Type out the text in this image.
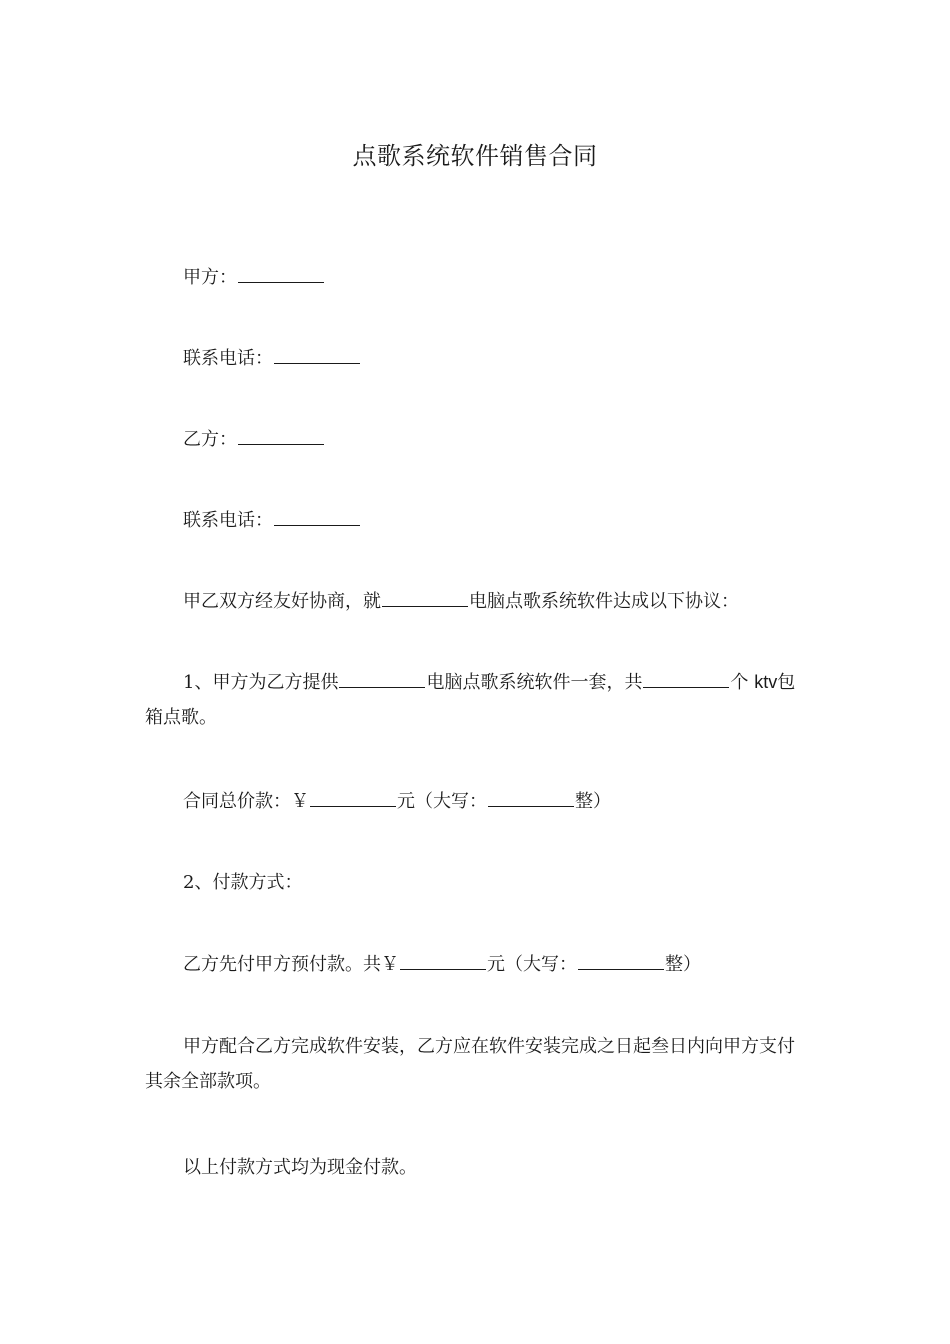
点歌系统软件销售合同
甲方：
联系电话：
乙方：
联系电话：
甲乙双方经友好协商，就	电脑点歌系统软件达成以下协议：
1、甲方为乙方提供	电脑点歌系统软件一套，共	个 ktv包箱点歌。
合同总价款：￥	元（大写：	整）
2、付款方式：
乙方先付甲方预付款。共￥	元（大写：	整）
甲方配合乙方完成软件安装，乙方应在软件安装完成之日起叁日内向甲方支付其余全部款项。
以上付款方式均为现金付款。
